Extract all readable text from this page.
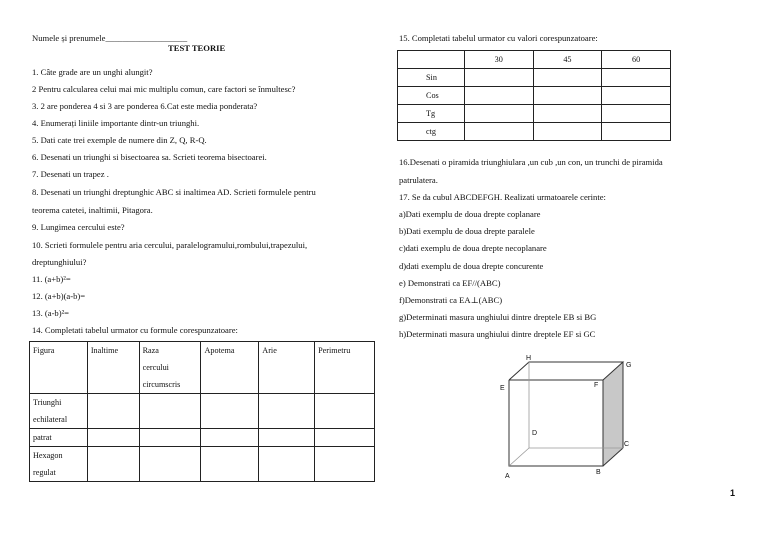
Numele și prenumele___________________
TEST TEORIE
1. Câte grade are un unghi alungit?
2 Pentru calcularea celui mai mic multiplu comun, care factori se înmultesc?
3. 2 are ponderea 4 si 3 are ponderea 6.Cat este media ponderata?
4. Enumerați liniile importante dintr-un triunghi.
5. Dati cate trei exemple de numere din Z, Q, R-Q.
6. Desenati un triunghi si bisectoarea sa. Scrieti teorema bisectoarei.
7. Desenati un trapez .
8. Desenati un triunghi dreptunghic ABC si inaltimea AD. Scrieti formulele pentru
teorema catetei, inaltimii, Pitagora.
9. Lungimea cercului este?
10. Scrieti formulele pentru aria cercului, paralelogramului,rombului,trapezului,
dreptunghiului?
11. (a+b)²=
12. (a+b)(a-b)=
13. (a-b)²=
14. Completati tabelul urmator cu formule corespunzatoare:
Figura	Inaltime	Raza
cercului
circumscris	Apotema	Arie	Perimetru

Triunghi
echilateral					

patrat					

Hexagon
regulat					

15. Completati tabelul urmator cu valori corespunzatoare:
	30	45	60
Sin			
Cos			
Tg			
ctg			
16.Desenati o piramida triunghiulara ,un cub ,un con, un trunchi de piramida
patrulatera.
17. Se da cubul ABCDEFGH. Realizati urmatoarele cerinte:
a)Dati exemplu de doua drepte coplanare
b)Dati exemplu de doua drepte paralele
c)dati exemplu de doua drepte necoplanare
d)dati exemplu de doua drepte concurente
e) Demonstrati ca EF//(ABC)
f)Demonstrati ca EA⊥(ABC)
g)Determinati masura unghiului dintre dreptele EB si BG
h)Determinati masura unghiului dintre dreptele EF si GC
H
G
E	F
D
C
A
B
1
